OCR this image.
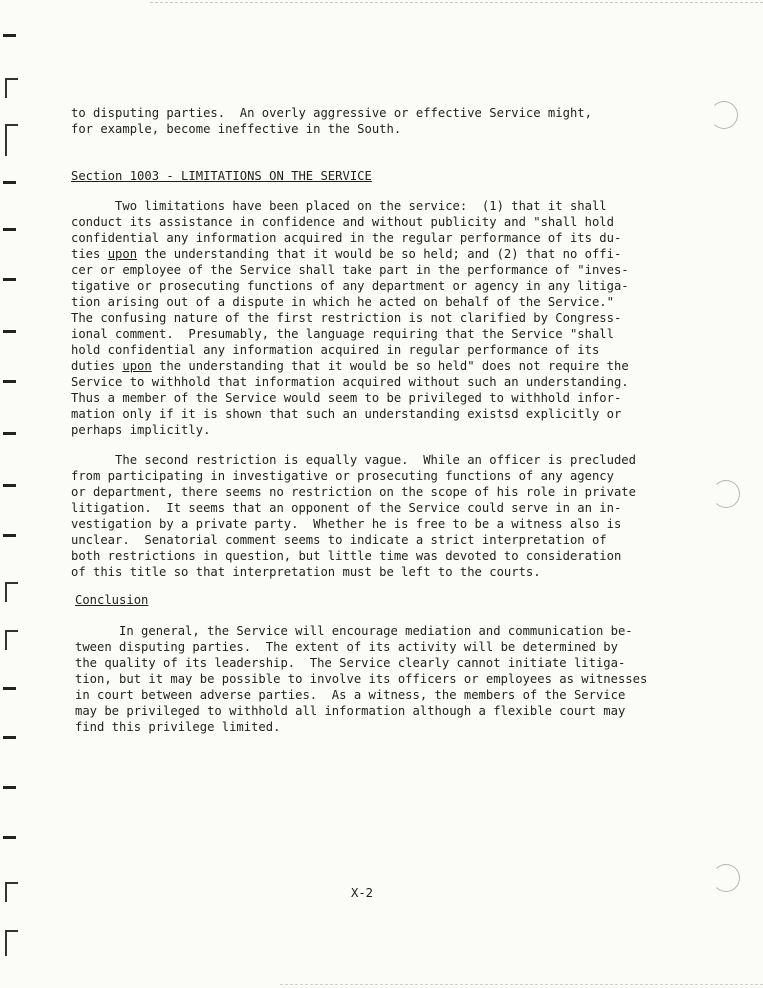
to disputing parties.  An overly aggressive or effective Service might,
for example, become ineffective in the South.
Section 1003 - LIMITATIONS ON THE SERVICE
Two limitations have been placed on the service:  (1) that it shall
conduct its assistance in confidence and without publicity and "shall hold
confidential any information acquired in the regular performance of its du-
ties upon the understanding that it would be so held; and (2) that no offi-
cer or employee of the Service shall take part in the performance of "inves-
tigative or prosecuting functions of any department or agency in any litiga-
tion arising out of a dispute in which he acted on behalf of the Service."
The confusing nature of the first restriction is not clarified by Congress-
ional comment.  Presumably, the language requiring that the Service "shall
hold confidential any information acquired in regular performance of its
duties upon the understanding that it would be so held" does not require the
Service to withhold that information acquired without such an understanding.
Thus a member of the Service would seem to be privileged to withhold infor-
mation only if it is shown that such an understanding existsd explicitly or
perhaps implicitly.
The second restriction is equally vague.  While an officer is precluded
from participating in investigative or prosecuting functions of any agency
or department, there seems no restriction on the scope of his role in private
litigation.  It seems that an opponent of the Service could serve in an in-
vestigation by a private party.  Whether he is free to be a witness also is
unclear.  Senatorial comment seems to indicate a strict interpretation of
both restrictions in question, but little time was devoted to consideration
of this title so that interpretation must be left to the courts.
Conclusion
In general, the Service will encourage mediation and communication be-
tween disputing parties.  The extent of its activity will be determined by
the quality of its leadership.  The Service clearly cannot initiate litiga-
tion, but it may be possible to involve its officers or employees as witnesses
in court between adverse parties.  As a witness, the members of the Service
may be privileged to withhold all information although a flexible court may
find this privilege limited.
X-2
